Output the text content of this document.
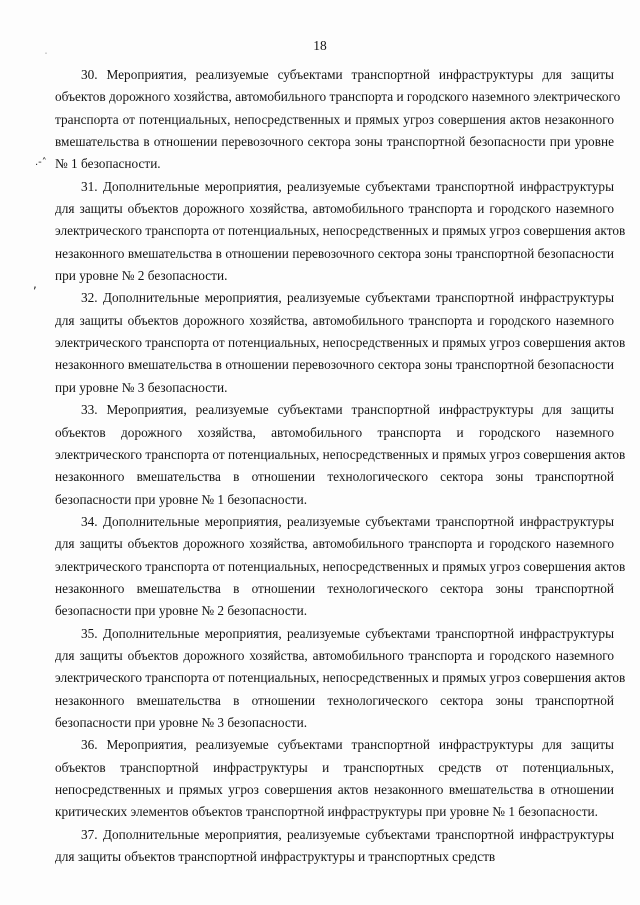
18
˙
.-˄
,
30. Мероприятия, реализуемые субъектами транспортной инфраструктуры для защиты
объектов дорожного хозяйства, автомобильного транспорта и городского наземного электрического
транспорта от потенциальных, непосредственных и прямых угроз совершения актов незаконного
вмешательства в отношении перевозочного сектора зоны транспортной безопасности при уровне
№ 1 безопасности.
31. Дополнительные мероприятия, реализуемые субъектами транспортной инфраструктуры
для защиты объектов дорожного хозяйства, автомобильного транспорта и городского наземного
электрического транспорта от потенциальных, непосредственных и прямых угроз совершения актов
незаконного вмешательства в отношении перевозочного сектора зоны транспортной безопасности
при уровне № 2 безопасности.
32. Дополнительные мероприятия, реализуемые субъектами транспортной инфраструктуры
для защиты объектов дорожного хозяйства, автомобильного транспорта и городского наземного
электрического транспорта от потенциальных, непосредственных и прямых угроз совершения актов
незаконного вмешательства в отношении перевозочного сектора зоны транспортной безопасности
при уровне № 3 безопасности.
33. Мероприятия, реализуемые субъектами транспортной инфраструктуры для защиты
объектов дорожного хозяйства, автомобильного транспорта и городского наземного
электрического транспорта от потенциальных, непосредственных и прямых угроз совершения актов
незаконного вмешательства в отношении технологического сектора зоны транспортной
безопасности при уровне № 1 безопасности.
34. Дополнительные мероприятия, реализуемые субъектами транспортной инфраструктуры
для защиты объектов дорожного хозяйства, автомобильного транспорта и городского наземного
электрического транспорта от потенциальных, непосредственных и прямых угроз совершения актов
незаконного вмешательства в отношении технологического сектора зоны транспортной
безопасности при уровне № 2 безопасности.
35. Дополнительные мероприятия, реализуемые субъектами транспортной инфраструктуры
для защиты объектов дорожного хозяйства, автомобильного транспорта и городского наземного
электрического транспорта от потенциальных, непосредственных и прямых угроз совершения актов
незаконного вмешательства в отношении технологического сектора зоны транспортной
безопасности при уровне № 3 безопасности.
36. Мероприятия, реализуемые субъектами транспортной инфраструктуры для защиты
объектов транспортной инфраструктуры и транспортных средств от потенциальных,
непосредственных и прямых угроз совершения актов незаконного вмешательства в отношении
критических элементов объектов транспортной инфраструктуры при уровне № 1 безопасности.
37. Дополнительные мероприятия, реализуемые субъектами транспортной инфраструктуры
для защиты объектов транспортной инфраструктуры и транспортных средств
